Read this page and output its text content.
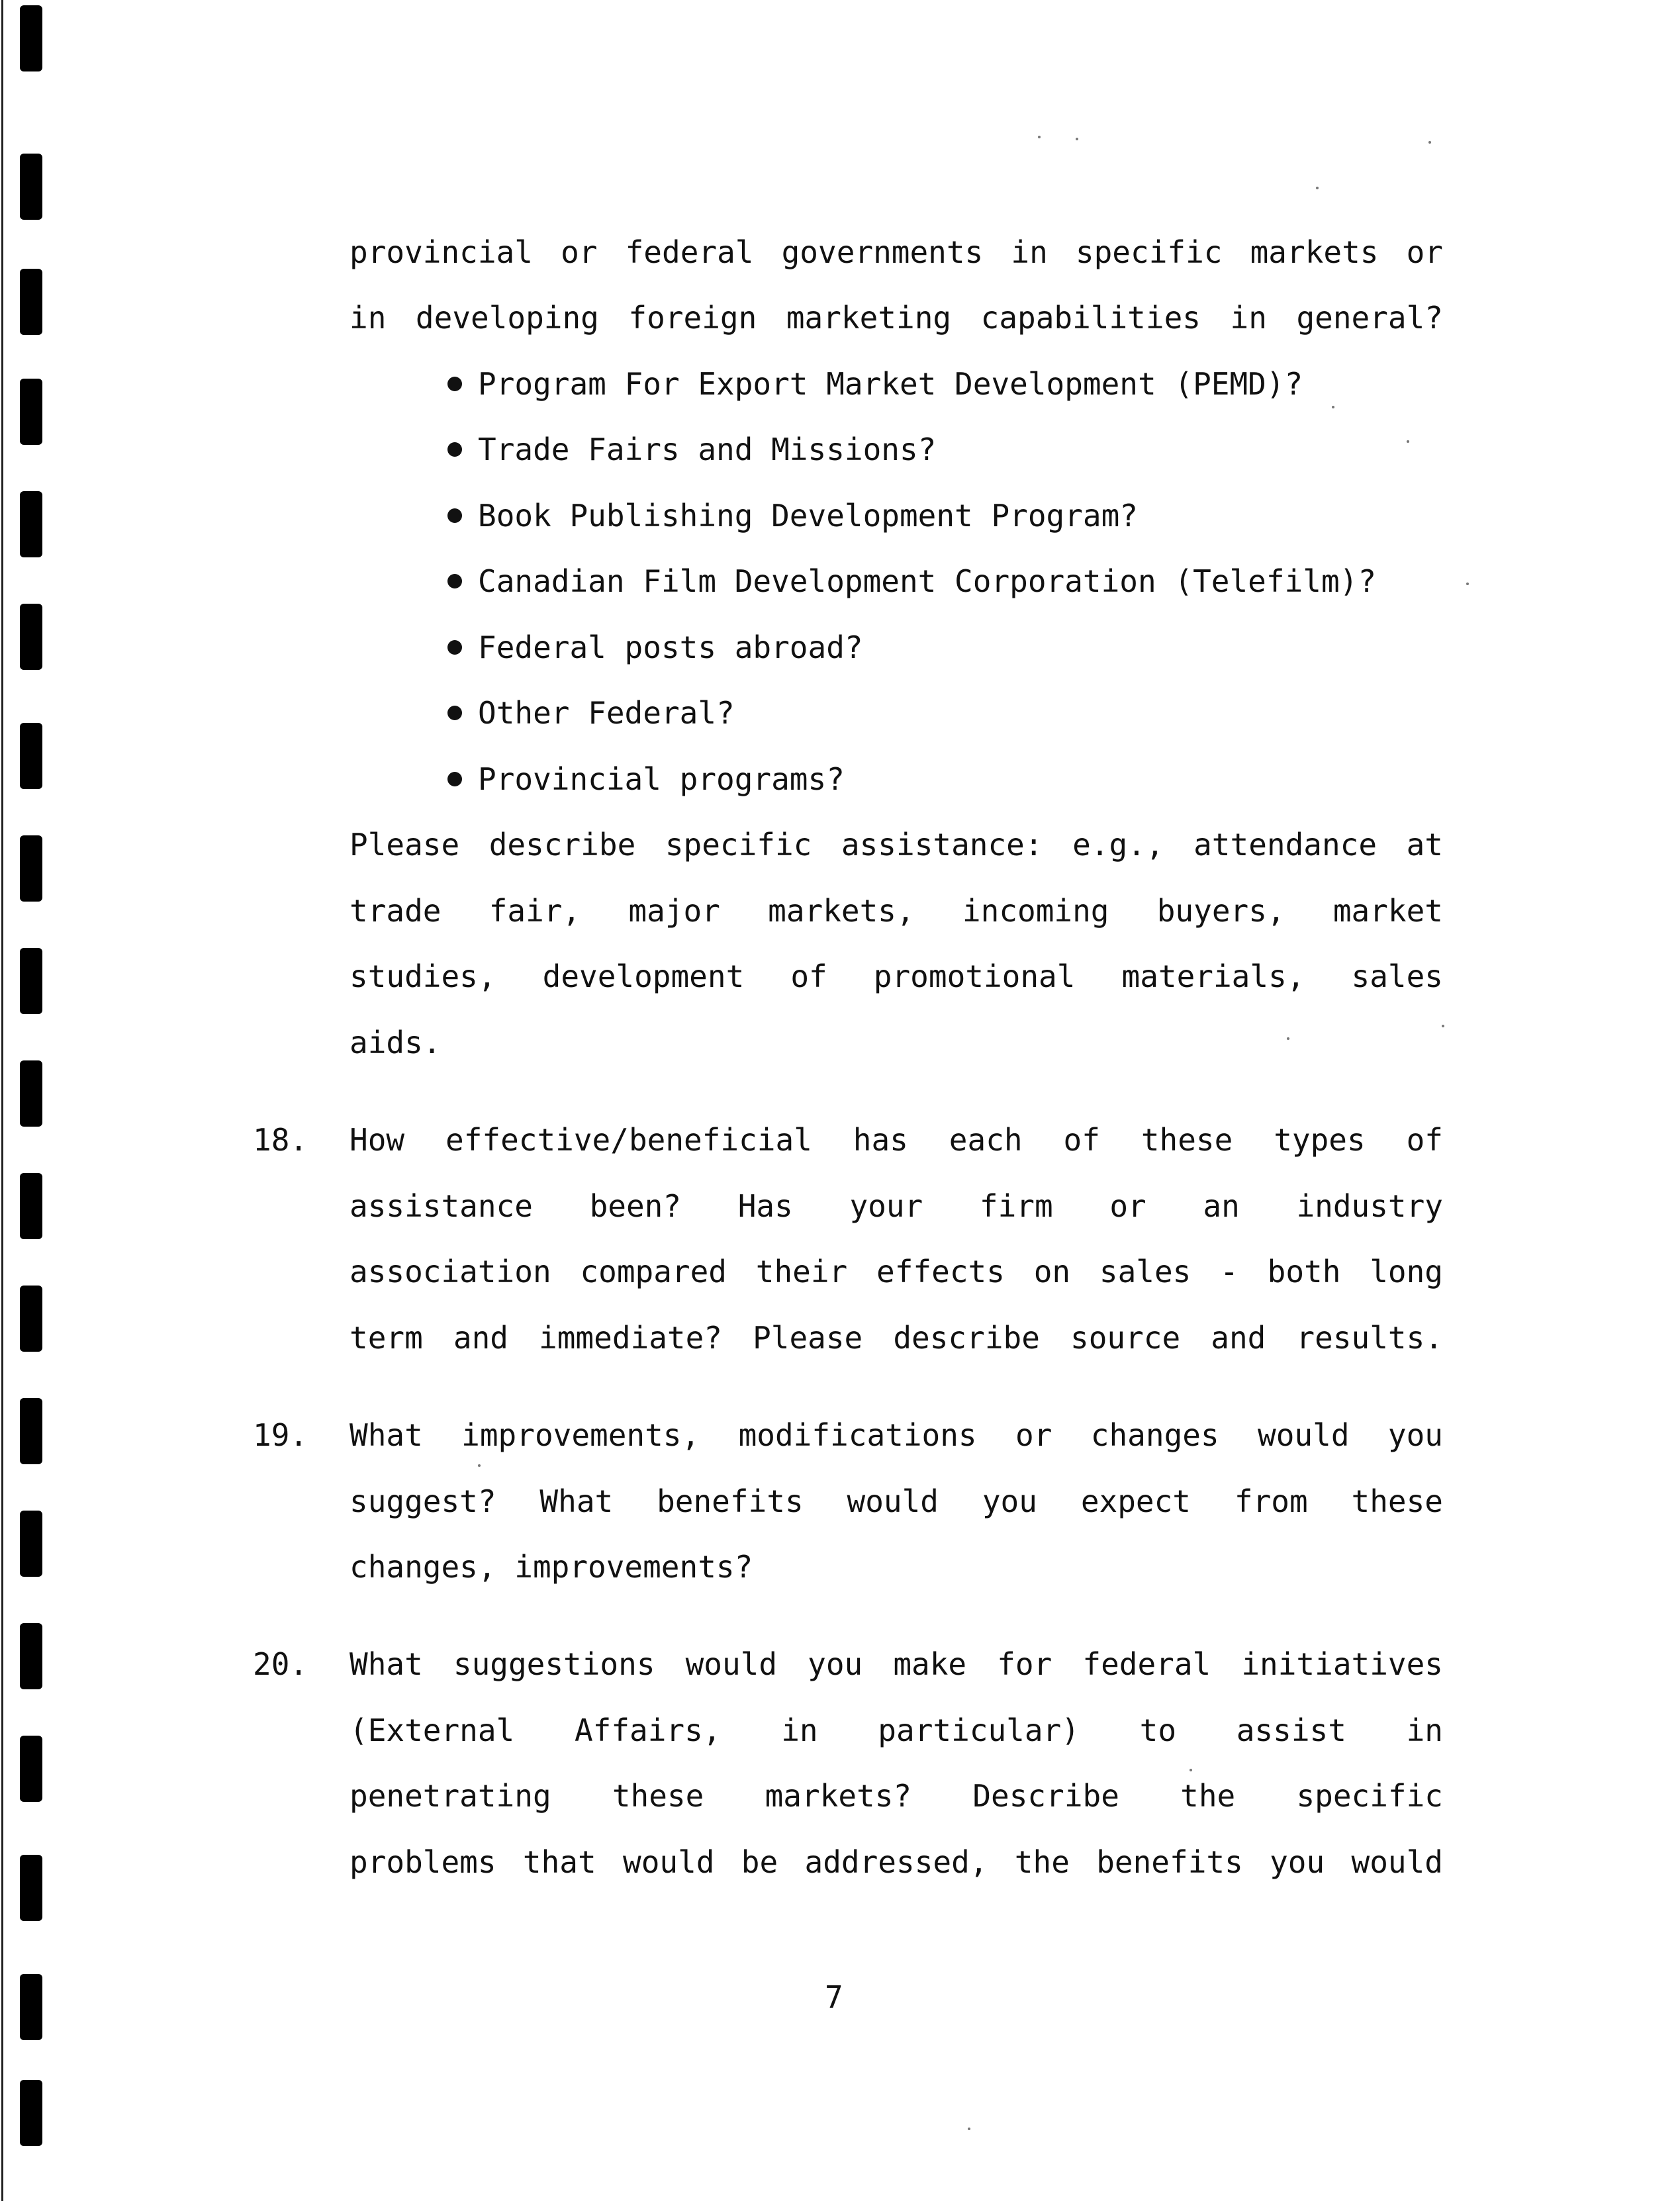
provincial or federal governments in specific markets or
in developing foreign marketing capabilities in general?
Program For Export Market Development (PEMD)?
Trade Fairs and Missions?
Book Publishing Development Program?
Canadian Film Development Corporation (Telefilm)?
Federal posts abroad?
Other Federal?
Provincial programs?
Please describe specific assistance: e.g., attendance at
trade fair, major markets, incoming buyers, market
studies, development of promotional materials, sales
aids.
18. How effective/beneficial has each of these types of
assistance been? Has your firm or an industry
association compared their effects on sales - both long
term and immediate? Please describe source and results.
19. What improvements, modifications or changes would you
suggest? What benefits would you expect from these
changes, improvements?
20. What suggestions would you make for federal initiatives
(External Affairs, in particular) to assist in
penetrating these markets? Describe the specific
problems that would be addressed, the benefits you would
7
